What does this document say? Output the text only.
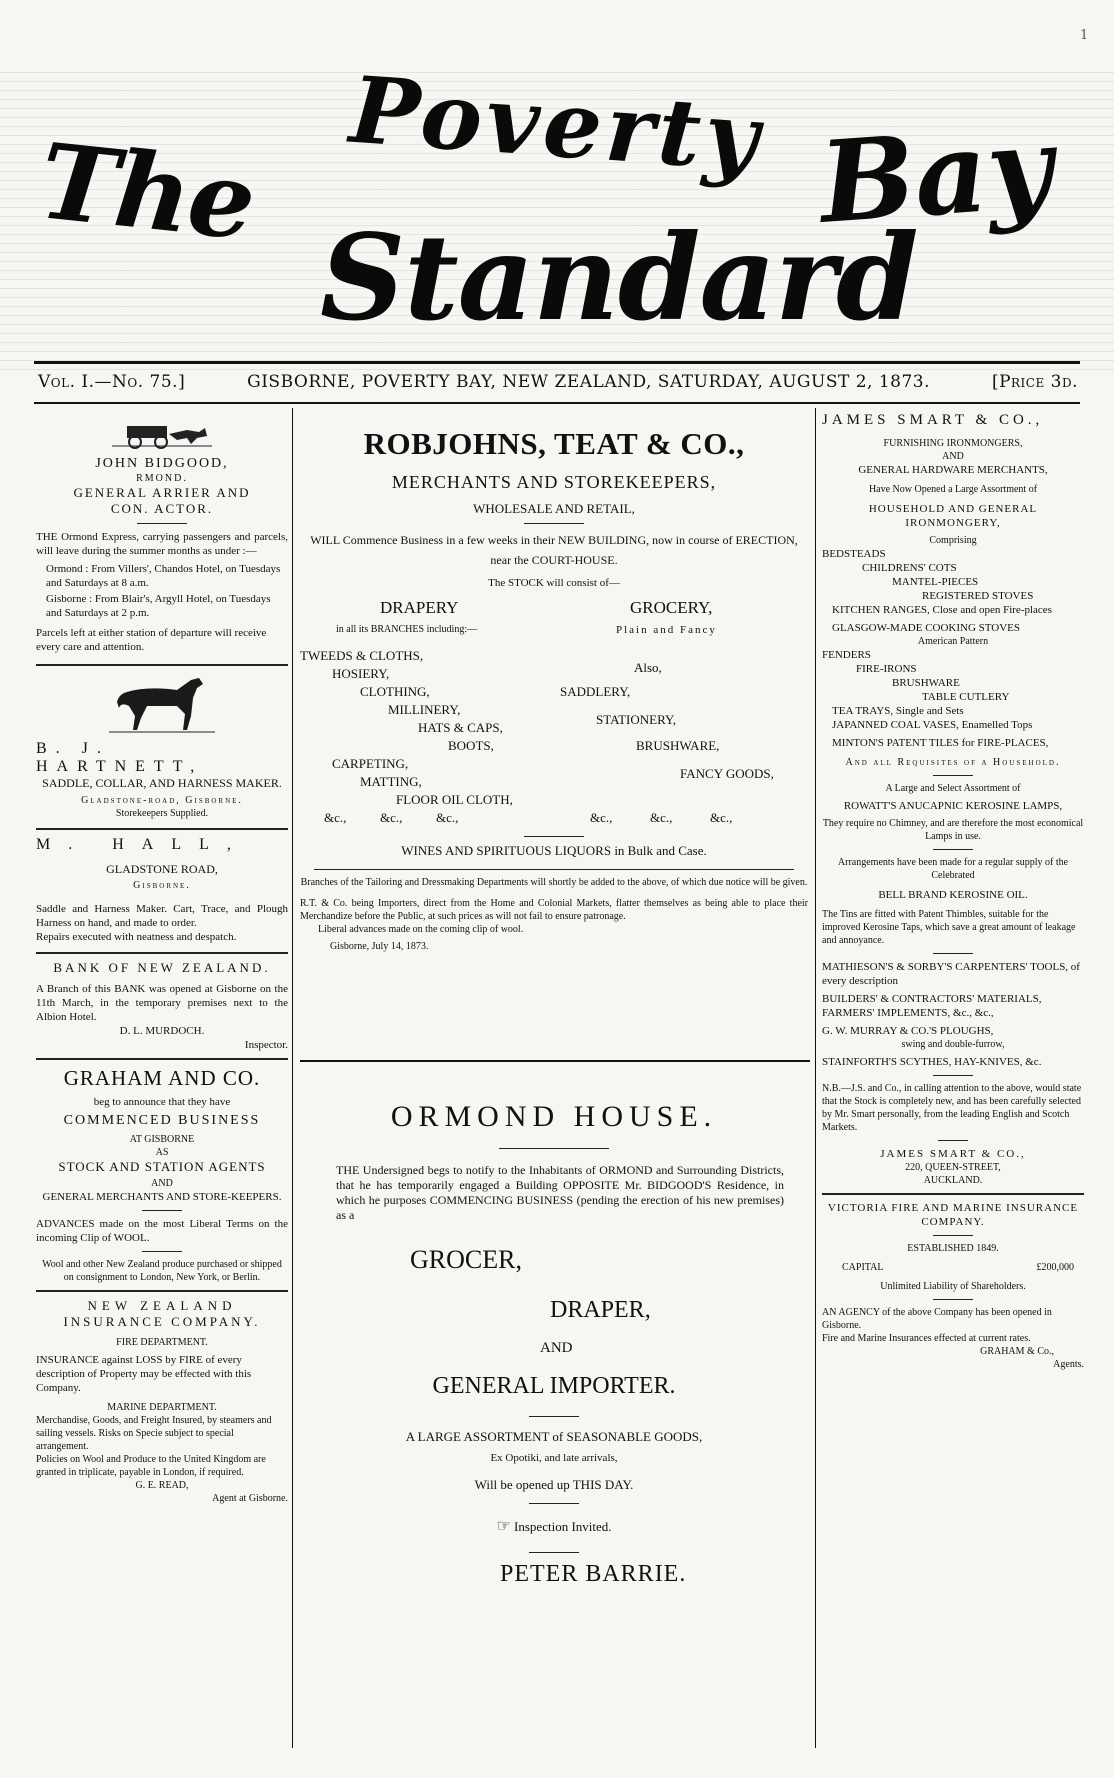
1
The Poverty Bay
Standard
Vol. I.—No. 75.]	GISBORNE, POVERTY BAY, NEW ZEALAND, SATURDAY, AUGUST 2, 1873.	[Price 3d.
JOHN BIDGOOD,
RMOND.
GENERAL ARRIER AND
CON. ACTOR.
THE Ormond Express, carrying passengers and parcels, will leave during the summer months as under :—
Ormond : From Villers', Chandos Hotel, on Tuesdays and Saturdays at 8 a.m.
Gisborne : From Blair's, Argyll Hotel, on Tuesdays and Saturdays at 2 p.m.
Parcels left at either station of departure will receive every care and attention.
B. J. HARTNETT,
SADDLE, COLLAR, AND HARNESS MAKER.
Gladstone-road, Gisborne.
Storekeepers Supplied.
M. HALL,
GLADSTONE ROAD,
Gisborne.
Saddle and Harness Maker. Cart, Trace, and Plough Harness on hand, and made to order.
Repairs executed with neatness and despatch.
BANK OF NEW ZEALAND.
A Branch of this BANK was opened at Gisborne on the 11th March, in the temporary premises next to the Albion Hotel.
D. L. MURDOCH.
Inspector.
GRAHAM AND CO.
beg to announce that they have
COMMENCED BUSINESS
AT GISBORNE
AS
STOCK AND STATION AGENTS
AND
GENERAL MERCHANTS AND STORE-KEEPERS.
ADVANCES made on the most Liberal Terms on the incoming Clip of WOOL.
Wool and other New Zealand produce purchased or shipped on consignment to London, New York, or Berlin.
NEW ZEALAND
INSURANCE COMPANY.
FIRE DEPARTMENT.
INSURANCE against LOSS by FIRE of every description of Property may be effected with this Company.
MARINE DEPARTMENT.
Merchandise, Goods, and Freight Insured, by steamers and sailing vessels. Risks on Specie subject to special arrangement.
Policies on Wool and Produce to the United Kingdom are granted in triplicate, payable in London, if required.
G. E. READ,
Agent at Gisborne.
ROBJOHNS, TEAT & CO.,
MERCHANTS AND STOREKEEPERS,
WHOLESALE AND RETAIL,
WILL Commence Business in a few weeks in their NEW BUILDING, now in course of ERECTION, near the COURT-HOUSE.
The STOCK will consist of—
DRAPERY
in all its BRANCHES including:—
GROCERY,
Plain and Fancy
TWEEDS & CLOTHS,
HOSIERY,
CLOTHING,
MILLINERY,
HATS & CAPS,
BOOTS,
CARPETING,
MATTING,
FLOOR OIL CLOTH,
Also,
SADDLERY,
STATIONERY,
BRUSHWARE,
FANCY GOODS,
&c.,	&c.,	&c.,	&c.,	&c.,	&c.,
WINES AND SPIRITUOUS LIQUORS in Bulk and Case.
Branches of the Tailoring and Dressmaking Departments will shortly be added to the above, of which due notice will be given.
R.T. & Co. being Importers, direct from the Home and Colonial Markets, flatter themselves as being able to place their Merchandize before the Public, at such prices as will not fail to ensure patronage.
Liberal advances made on the coming clip of wool.
Gisborne, July 14, 1873.
ORMOND HOUSE.
THE Undersigned begs to notify to the Inhabitants of ORMOND and Surrounding Districts, that he has temporarily engaged a Building OPPOSITE Mr. BIDGOOD'S Residence, in which he purposes COMMENCING BUSINESS (pending the erection of his new premises) as a
GROCER,
DRAPER,
AND
GENERAL IMPORTER.
A LARGE ASSORTMENT of SEASONABLE GOODS,
Ex Opotiki, and late arrivals,
Will be opened up THIS DAY.
☞ Inspection Invited.
PETER BARRIE.
JAMES SMART & CO.,
FURNISHING IRONMONGERS,
AND
GENERAL HARDWARE MERCHANTS,
Have Now Opened a Large Assortment of
HOUSEHOLD AND GENERAL IRONMONGERY,
Comprising
BEDSTEADS
CHILDRENS' COTS
MANTEL-PIECES
REGISTERED STOVES
KITCHEN RANGES, Close and open Fire-places
GLASGOW-MADE COOKING STOVES
American Pattern
FENDERS
FIRE-IRONS
BRUSHWARE
TABLE CUTLERY
TEA TRAYS, Single and Sets
JAPANNED COAL VASES, Enamelled Tops
MINTON'S PATENT TILES for FIRE-PLACES,
And all Requisites of a Household.
A Large and Select Assortment of
ROWATT'S ANUCAPNIC KEROSINE LAMPS,
They require no Chimney, and are therefore the most economical Lamps in use.
Arrangements have been made for a regular supply of the Celebrated
BELL BRAND KEROSINE OIL.
The Tins are fitted with Patent Thimbles, suitable for the improved Kerosine Taps, which save a great amount of leakage and annoyance.
MATHIESON'S & SORBY'S CARPENTERS' TOOLS, of every description
BUILDERS' & CONTRACTORS' MATERIALS, FARMERS' IMPLEMENTS, &c., &c.,
G. W. MURRAY & CO.'S PLOUGHS,
swing and double-furrow,
STAINFORTH'S SCYTHES, HAY-KNIVES, &c.
N.B.—J.S. and Co., in calling attention to the above, would state that the Stock is completely new, and has been carefully selected by Mr. Smart personally, from the leading English and Scotch Markets.
JAMES SMART & CO.,
220, QUEEN-STREET,
AUCKLAND.
VICTORIA FIRE AND MARINE INSURANCE COMPANY.
ESTABLISHED 1849.
CAPITAL	£200,000
Unlimited Liability of Shareholders.
AN AGENCY of the above Company has been opened in Gisborne.
Fire and Marine Insurances effected at current rates.
GRAHAM & Co.,
Agents.
